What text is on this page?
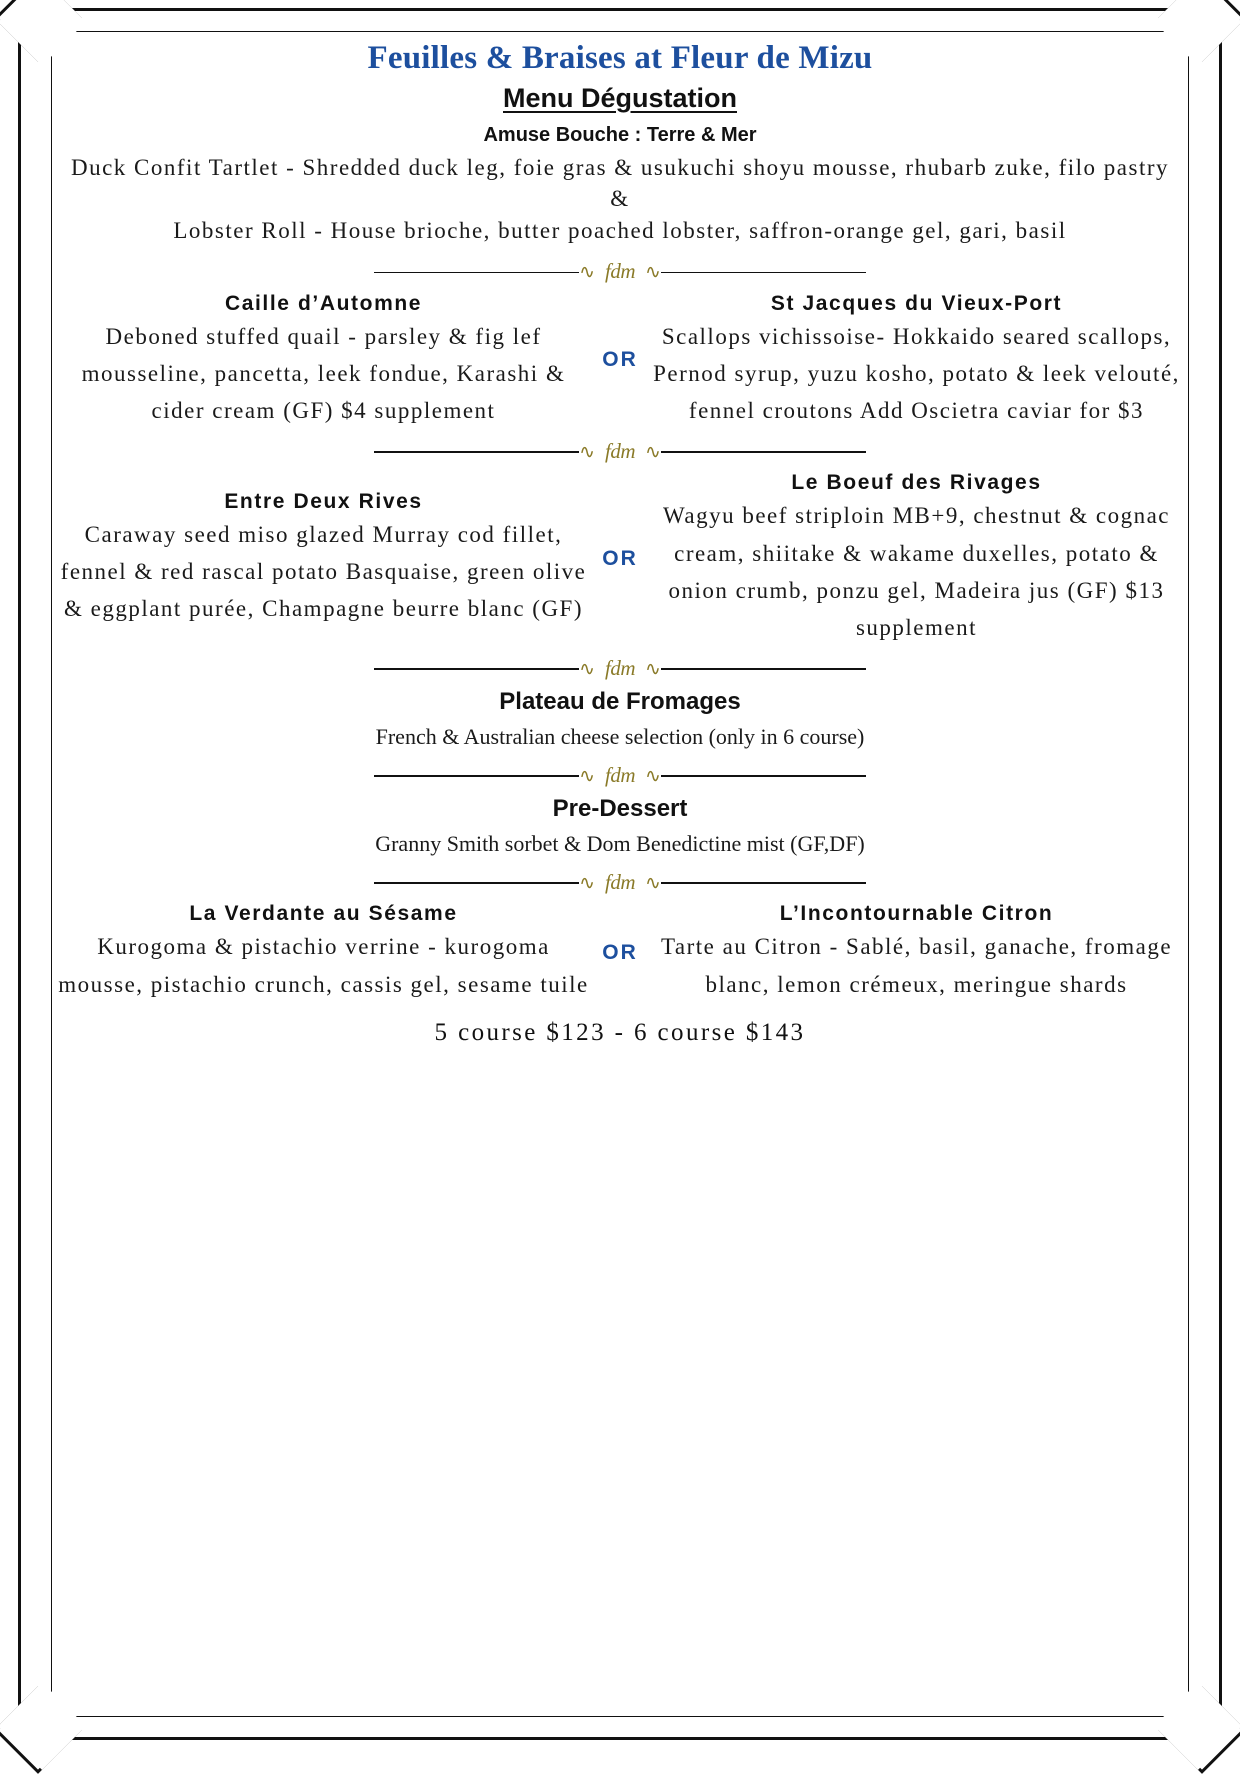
Feuilles & Braises at Fleur de Mizu
Menu Dégustation
Amuse Bouche : Terre & Mer
Duck Confit Tartlet - Shredded duck leg, foie gras & usukuchi shoyu mousse, rhubarb zuke, filo pastry
&
Lobster Roll - House brioche, butter poached lobster, saffron-orange gel, gari, basil
∿ fdm ∿
Caille d’Automne
Deboned stuffed quail - parsley & fig lef mousseline, pancetta, leek fondue, Karashi & cider cream (GF) $4 supplement
OR
St Jacques du Vieux-Port
Scallops vichissoise- Hokkaido seared scallops, Pernod syrup, yuzu kosho, potato & leek velouté, fennel croutons Add Oscietra caviar for $3
∿ fdm ∿
Entre Deux Rives
Caraway seed miso glazed Murray cod fillet, fennel & red rascal potato Basquaise, green olive & eggplant purée, Champagne beurre blanc (GF)
OR
Le Boeuf des Rivages
Wagyu beef striploin MB+9, chestnut & cognac cream, shiitake & wakame duxelles, potato & onion crumb, ponzu gel, Madeira jus (GF) $13 supplement
∿ fdm ∿
Plateau de Fromages
French & Australian cheese selection (only in 6 course)
∿ fdm ∿
Pre-Dessert
Granny Smith sorbet & Dom Benedictine mist (GF,DF)
∿ fdm ∿
La Verdante au Sésame
Kurogoma & pistachio verrine - kurogoma mousse, pistachio crunch, cassis gel, sesame tuile
OR
L’Incontournable Citron
Tarte au Citron - Sablé, basil, ganache, fromage blanc, lemon crémeux, meringue shards
5 course $123 - 6 course $143
